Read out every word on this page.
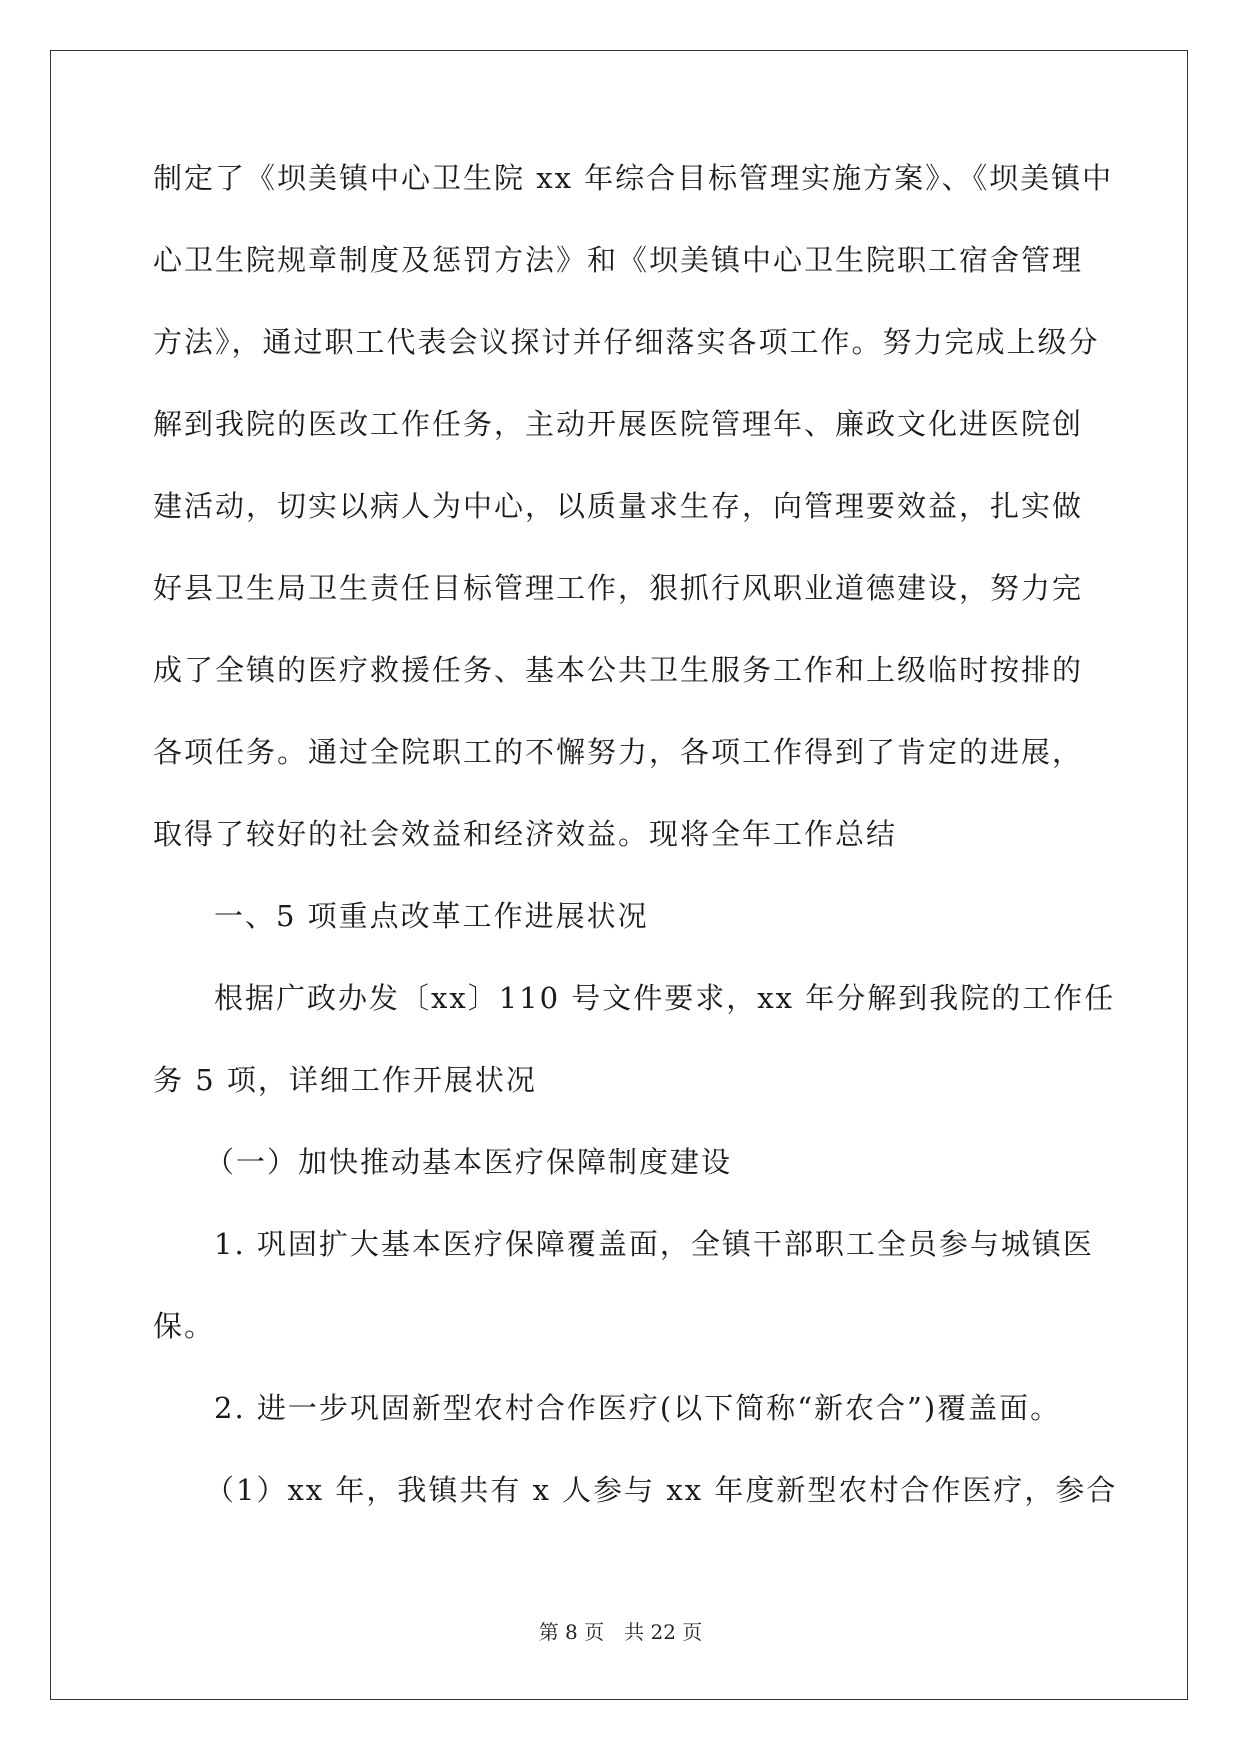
制定了《坝美镇中心卫生院 xx 年综合目标管理实施方案》、《坝美镇中
心卫生院规章制度及惩罚方法》和《坝美镇中心卫生院职工宿舍管理
方法》，通过职工代表会议探讨并仔细落实各项工作。努力完成上级分
解到我院的医改工作任务，主动开展医院管理年、廉政文化进医院创
建活动，切实以病人为中心，以质量求生存，向管理要效益，扎实做
好县卫生局卫生责任目标管理工作，狠抓行风职业道德建设，努力完
成了全镇的医疗救援任务、基本公共卫生服务工作和上级临时按排的
各项任务。通过全院职工的不懈努力，各项工作得到了肯定的进展，
取得了较好的社会效益和经济效益。现将全年工作总结
一、5 项重点改革工作进展状况
根据广政办发〔xx〕110 号文件要求，xx 年分解到我院的工作任
务 5 项，详细工作开展状况
（一）加快推动基本医疗保障制度建设
1. 巩固扩大基本医疗保障覆盖面，全镇干部职工全员参与城镇医
保。
2. 进一步巩固新型农村合作医疗(以下简称“新农合”)覆盖面。
（1）xx 年，我镇共有 x 人参与 xx 年度新型农村合作医疗，参合
第 8 页 共 22 页
